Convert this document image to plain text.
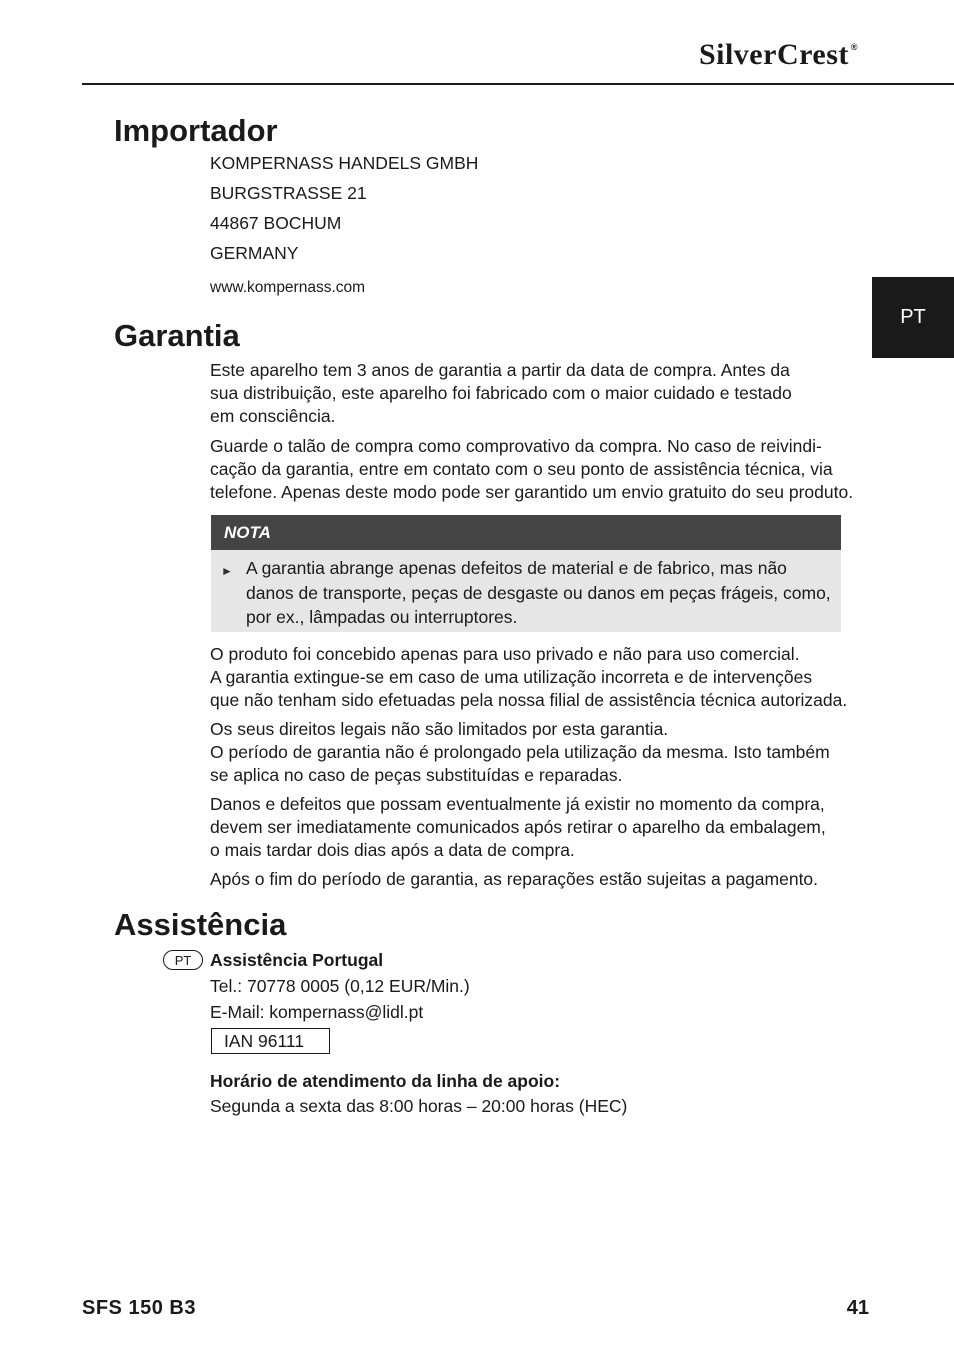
SilverCrest ®
PT
Importador

KOMPERNASS HANDELS GMBH

BURGSTRASSE 21

44867 BOCHUM

GERMANY

www.kompernass.com

Garantia

Este aparelho tem 3 anos de garantia a partir da data de compra. Antes da
sua distribuição, este aparelho foi fabricado com o maior cuidado e testado
em consciência.

Guarde o talão de compra como comprovativo da compra. No caso de reivindi-
cação da garantia, entre em contato com o seu ponto de assistência técnica, via
telefone. Apenas deste modo pode ser garantido um envio gratuito do seu produto.

NOTA
► A garantia abrange apenas defeitos de material e de fabrico, mas não
danos de transporte, peças de desgaste ou danos em peças frágeis, como,
por ex., lâmpadas ou interruptores.

O produto foi concebido apenas para uso privado e não para uso comercial.
A garantia extingue-se em caso de uma utilização incorreta e de intervenções
que não tenham sido efetuadas pela nossa filial de assistência técnica autorizada.

Os seus direitos legais não são limitados por esta garantia.
O período de garantia não é prolongado pela utilização da mesma. Isto também
se aplica no caso de peças substituídas e reparadas.

Danos e defeitos que possam eventualmente já existir no momento da compra,
devem ser imediatamente comunicados após retirar o aparelho da embalagem,
o mais tardar dois dias após a data de compra.

Após o fim do período de garantia, as reparações estão sujeitas a pagamento.

Assistência
PT	Assistência Portugal

Tel.: 70778 0005 (0,12 EUR/Min.)

E-Mail: kompernass@lidl.pt

IAN 96111

Horário de atendimento da linha de apoio:

Segunda a sexta das 8:00 horas – 20:00 horas (HEC)

SFS 150 B3	41
